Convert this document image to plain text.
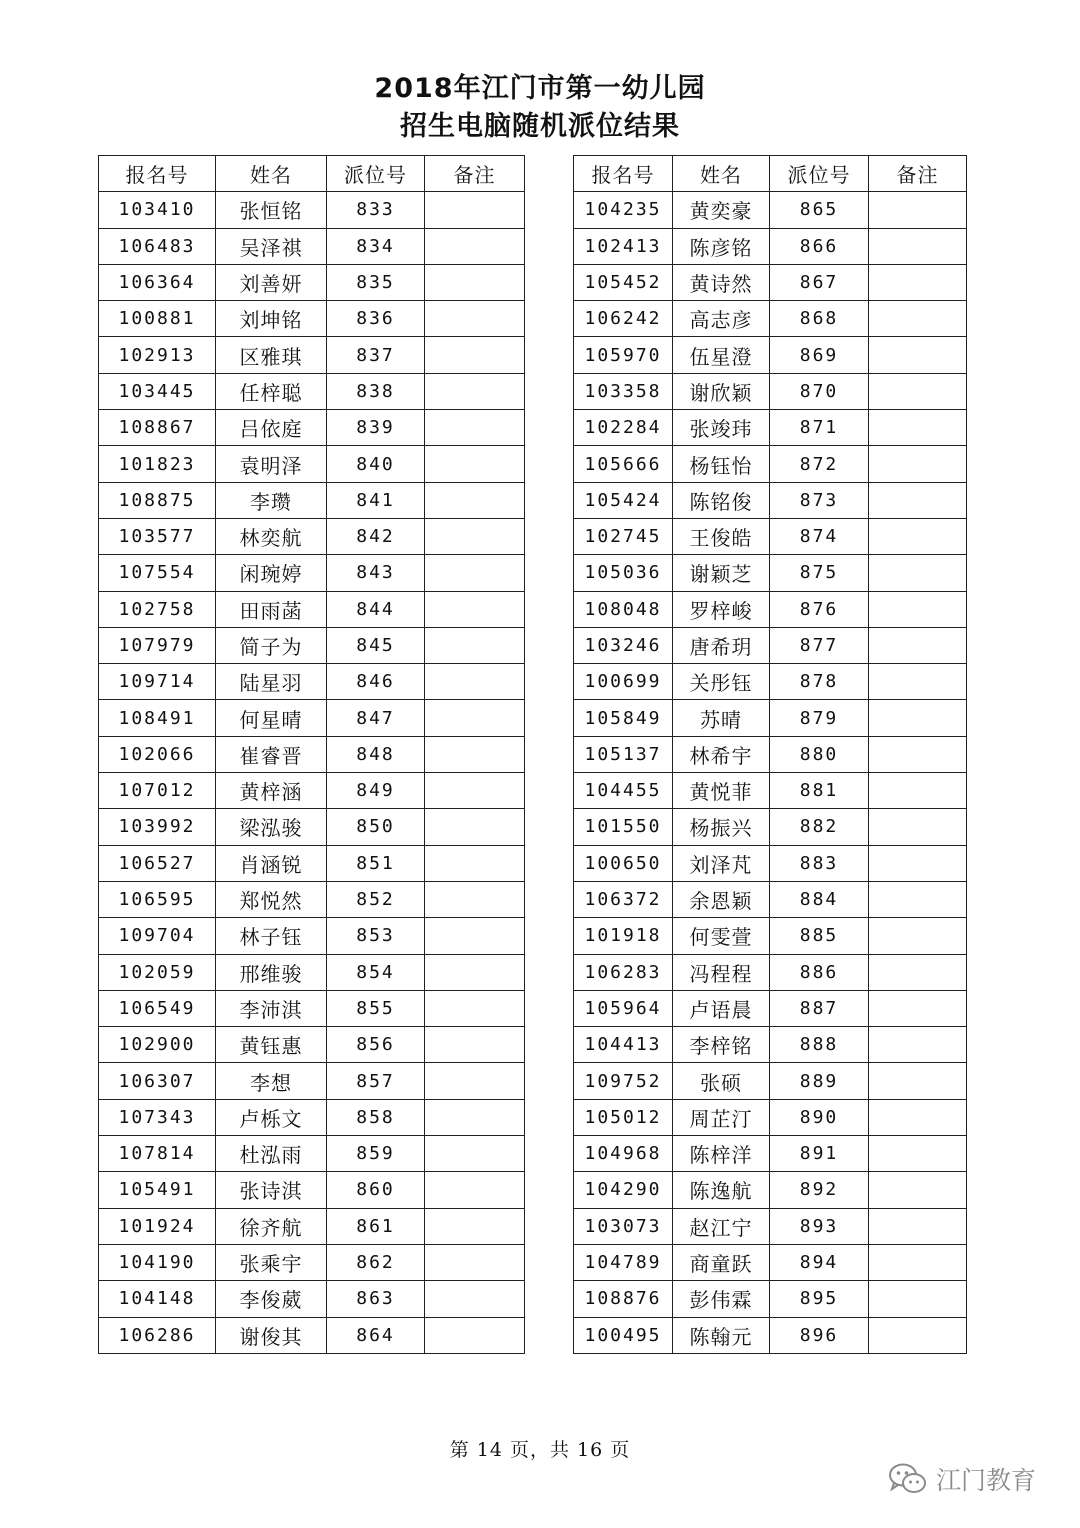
2018年江门市第一幼儿园
招生电脑随机派位结果
报名号	姓名	派位号	备注
103410	张恒铭	833	
106483	吴泽祺	834	
106364	刘善妍	835	
100881	刘坤铭	836	
102913	区雅琪	837	
103445	任梓聪	838	
108867	吕依庭	839	
101823	袁明泽	840	
108875	李瓒	841	
103577	林奕航	842	
107554	闲琬婷	843	
102758	田雨菡	844	
107979	简子为	845	
109714	陆星羽	846	
108491	何星晴	847	
102066	崔睿晋	848	
107012	黄梓涵	849	
103992	梁泓骏	850	
106527	肖涵锐	851	
106595	郑悦然	852	
109704	林子钰	853	
102059	邢维骏	854	
106549	李沛淇	855	
102900	黄钰惠	856	
106307	李想	857	
107343	卢栎文	858	
107814	杜泓雨	859	
105491	张诗淇	860	
101924	徐齐航	861	
104190	张乘宇	862	
104148	李俊葳	863	
106286	谢俊其	864	
报名号	姓名	派位号	备注
104235	黄奕豪	865	
102413	陈彦铭	866	
105452	黄诗然	867	
106242	高志彦	868	
105970	伍星澄	869	
103358	谢欣颖	870	
102284	张竣玮	871	
105666	杨钰怡	872	
105424	陈铭俊	873	
102745	王俊皓	874	
105036	谢颖芝	875	
108048	罗梓峻	876	
103246	唐希玥	877	
100699	关彤钰	878	
105849	苏晴	879	
105137	林希宇	880	
104455	黄悦菲	881	
101550	杨振兴	882	
100650	刘泽芃	883	
106372	余恩颖	884	
101918	何雯萱	885	
106283	冯程程	886	
105964	卢语晨	887	
104413	李梓铭	888	
109752	张硕	889	
105012	周芷汀	890	
104968	陈梓洋	891	
104290	陈逸航	892	
103073	赵江宁	893	
104789	商童跃	894	
108876	彭伟霖	895	
100495	陈翰元	896	
第 14 页，共 16 页
江门教育
